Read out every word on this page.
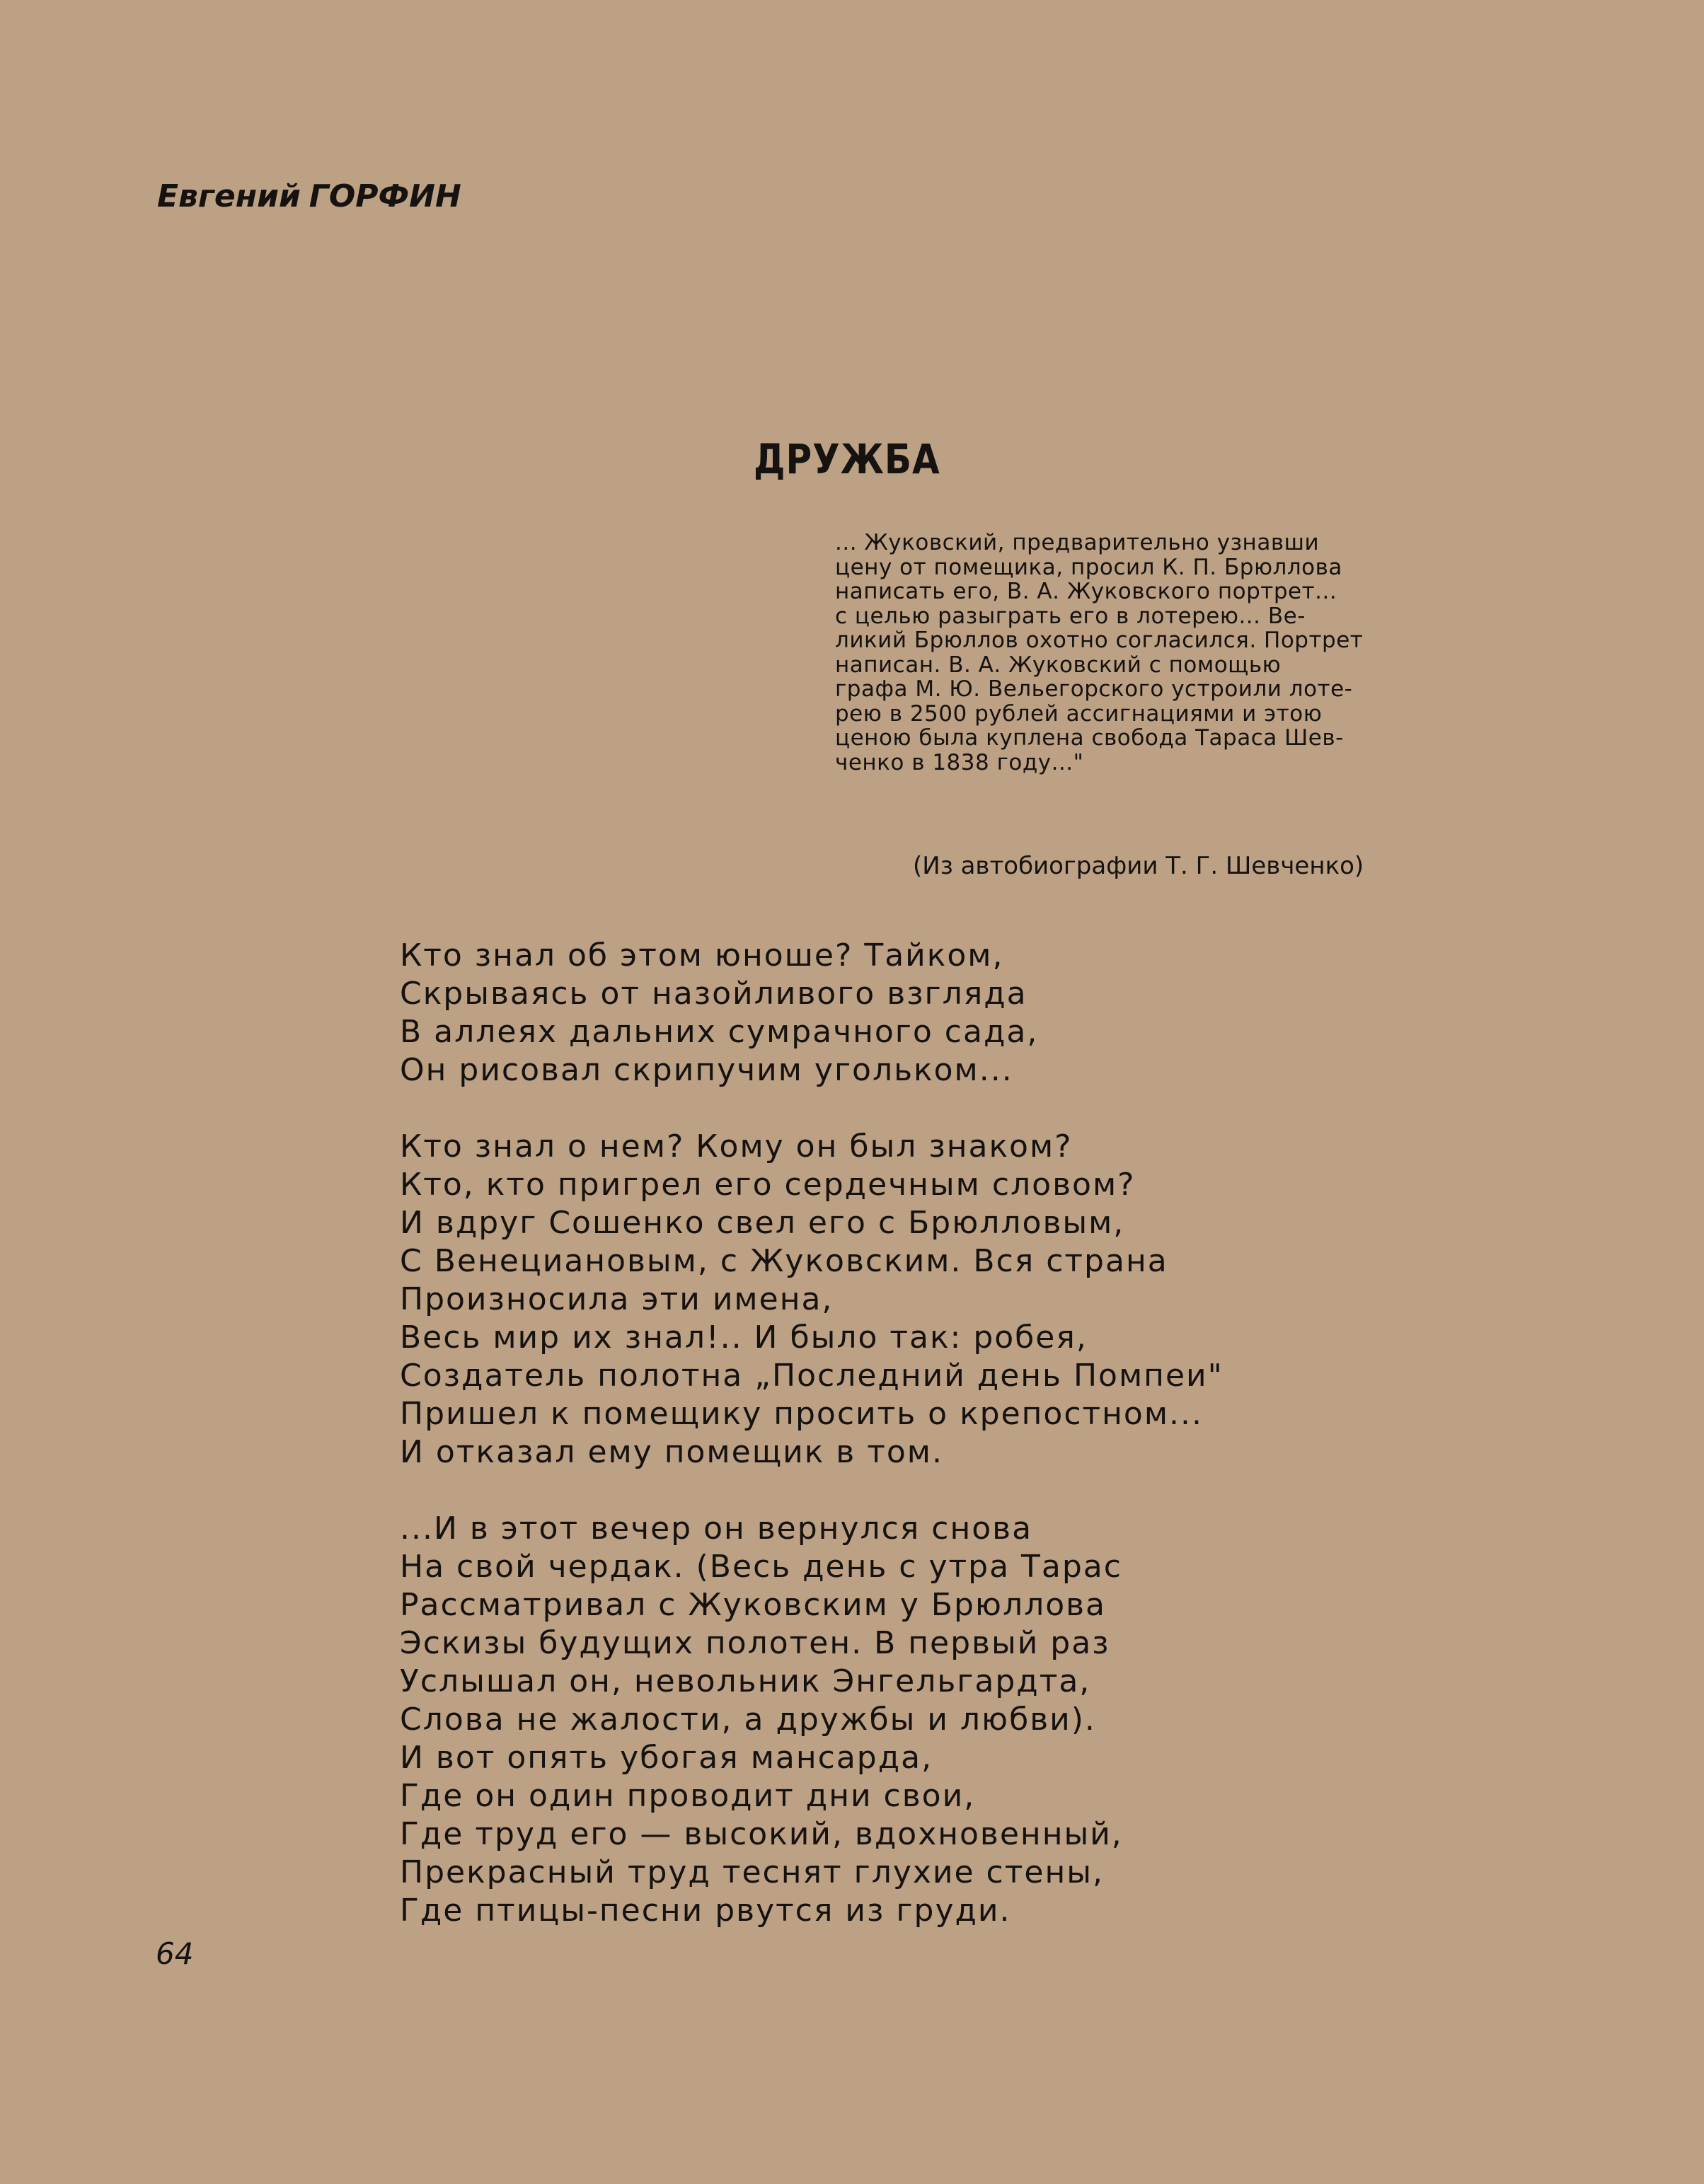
Евгений ГОРФИН
ДРУЖБА
... Жуковский, предварительно узнавши
цену от помещика, просил К. П. Брюллова
написать его, В. А. Жуковского портрет...
с целью разыграть его в лотерею... Ве-
ликий Брюллов охотно согласился. Портрет
написан. В. А. Жуковский с помощью
графа М. Ю. Вельегорского устроили лоте-
рею в 2500 рублей ассигнациями и этою
ценою была куплена свобода Тараса Шев-
ченко в 1838 году..."
(Из автобиографии Т. Г. Шевченко)
Кто знал об этом юноше? Тайком,
Скрываясь от назойливого взгляда
В аллеях дальних сумрачного сада,
Он рисовал скрипучим угольком...
Кто знал о нем? Кому он был знаком?
Кто, кто пригрел его сердечным словом?
И вдруг Сошенко свел его с Брюлловым,
С Венециановым, с Жуковским. Вся страна
Произносила эти имена,
Весь мир их знал!.. И было так: робея,
Создатель полотна „Последний день Помпеи"
Пришел к помещику просить о крепостном...
И отказал ему помещик в том.
...И в этот вечер он вернулся снова
На свой чердак. (Весь день с утра Тарас
Рассматривал с Жуковским у Брюллова
Эскизы будущих полотен. В первый раз
Услышал он, невольник Энгельгардта,
Слова не жалости, а дружбы и любви).
И вот опять убогая мансарда,
Где он один проводит дни свои,
Где труд его — высокий, вдохновенный,
Прекрасный труд теснят глухие стены,
Где птицы-песни рвутся из груди.
64
